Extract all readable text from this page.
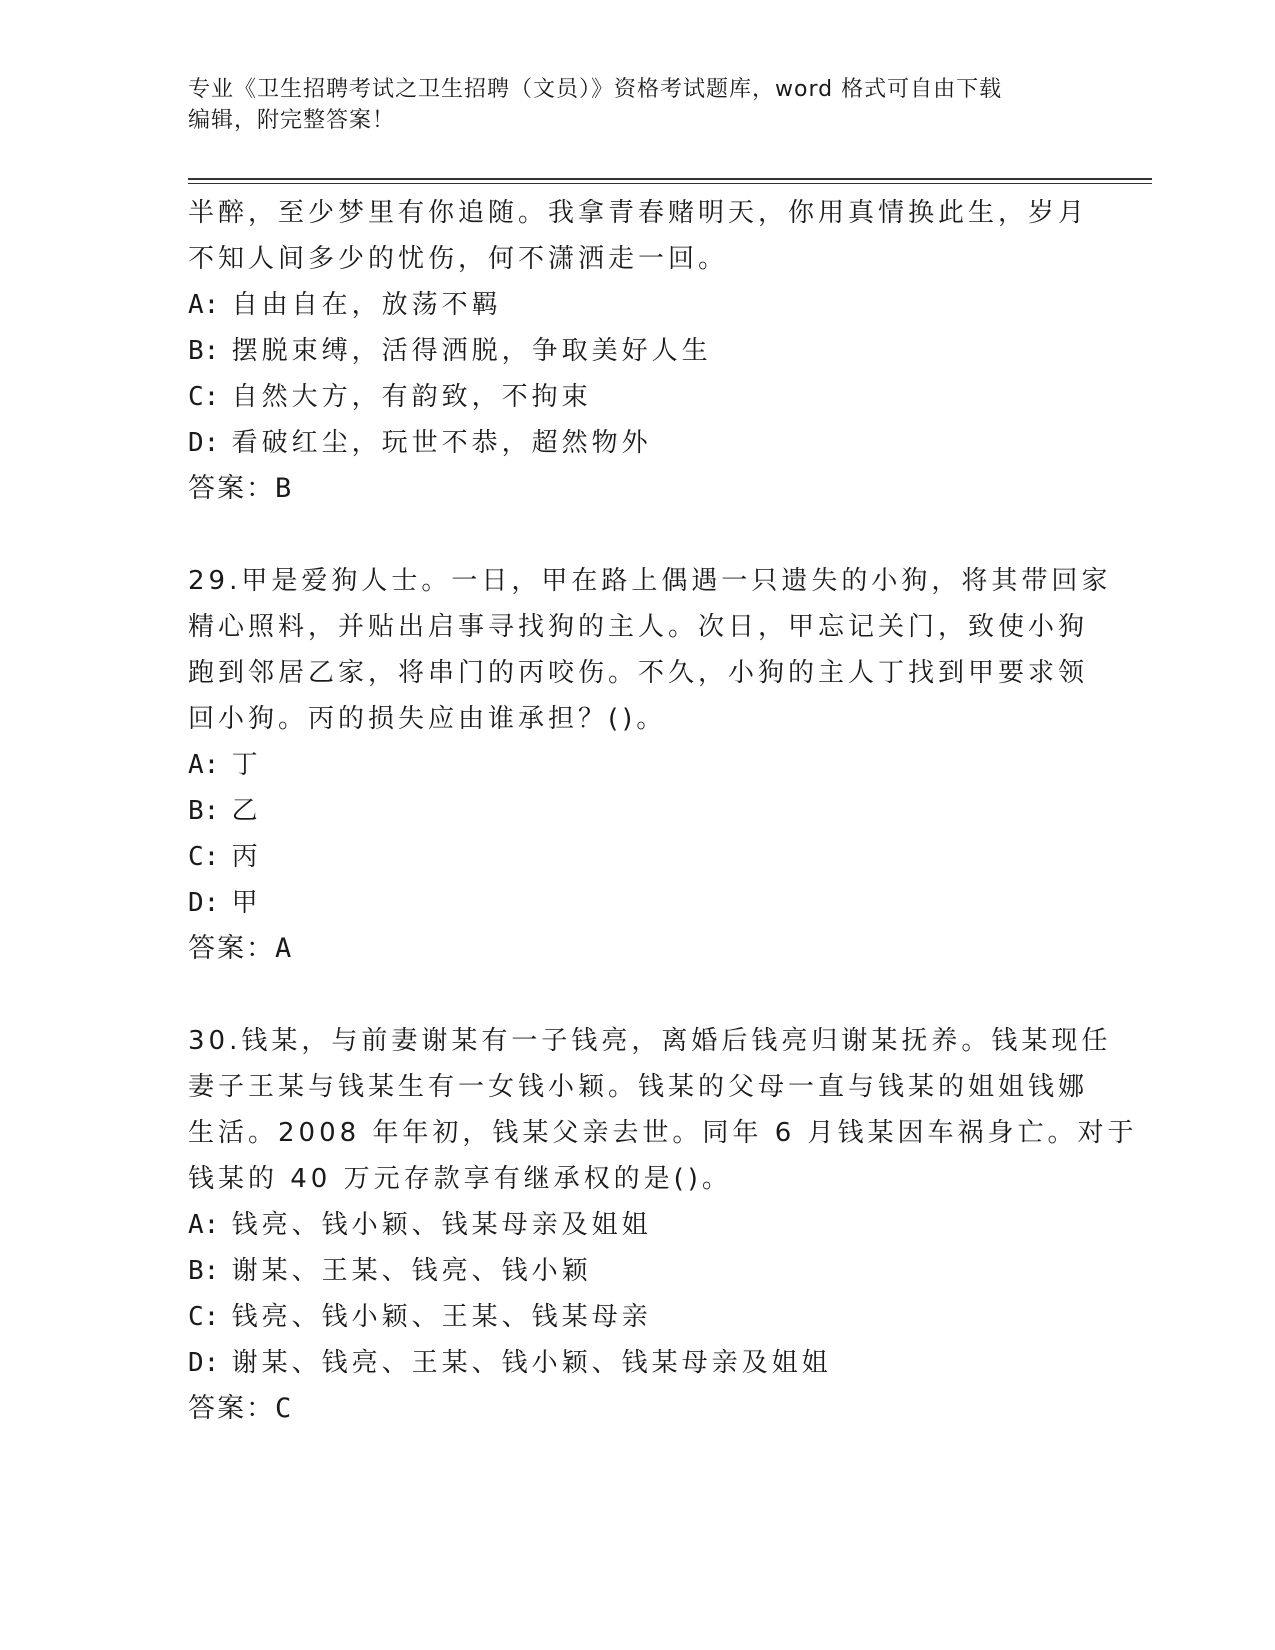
专业《卫生招聘考试之卫生招聘（文员）》资格考试题库，word 格式可自由下载
编辑，附完整答案！
半醉，至少梦里有你追随。我拿青春赌明天，你用真情换此生，岁月
不知人间多少的忧伤，何不潇洒走一回。
A: 自由自在，放荡不羁
B: 摆脱束缚，活得洒脱，争取美好人生
C: 自然大方，有韵致，不拘束
D: 看破红尘，玩世不恭，超然物外
答案：B
29.甲是爱狗人士。一日，甲在路上偶遇一只遗失的小狗，将其带回家
精心照料，并贴出启事寻找狗的主人。次日，甲忘记关门，致使小狗
跑到邻居乙家，将串门的丙咬伤。不久，小狗的主人丁找到甲要求领
回小狗。丙的损失应由谁承担？()。
A: 丁
B: 乙
C: 丙
D: 甲
答案：A
30.钱某，与前妻谢某有一子钱亮，离婚后钱亮归谢某抚养。钱某现任
妻子王某与钱某生有一女钱小颖。钱某的父母一直与钱某的姐姐钱娜
生活。2008 年年初，钱某父亲去世。同年 6 月钱某因车祸身亡。对于
钱某的 40 万元存款享有继承权的是()。
A: 钱亮、钱小颖、钱某母亲及姐姐
B: 谢某、王某、钱亮、钱小颖
C: 钱亮、钱小颖、王某、钱某母亲
D: 谢某、钱亮、王某、钱小颖、钱某母亲及姐姐
答案：C
